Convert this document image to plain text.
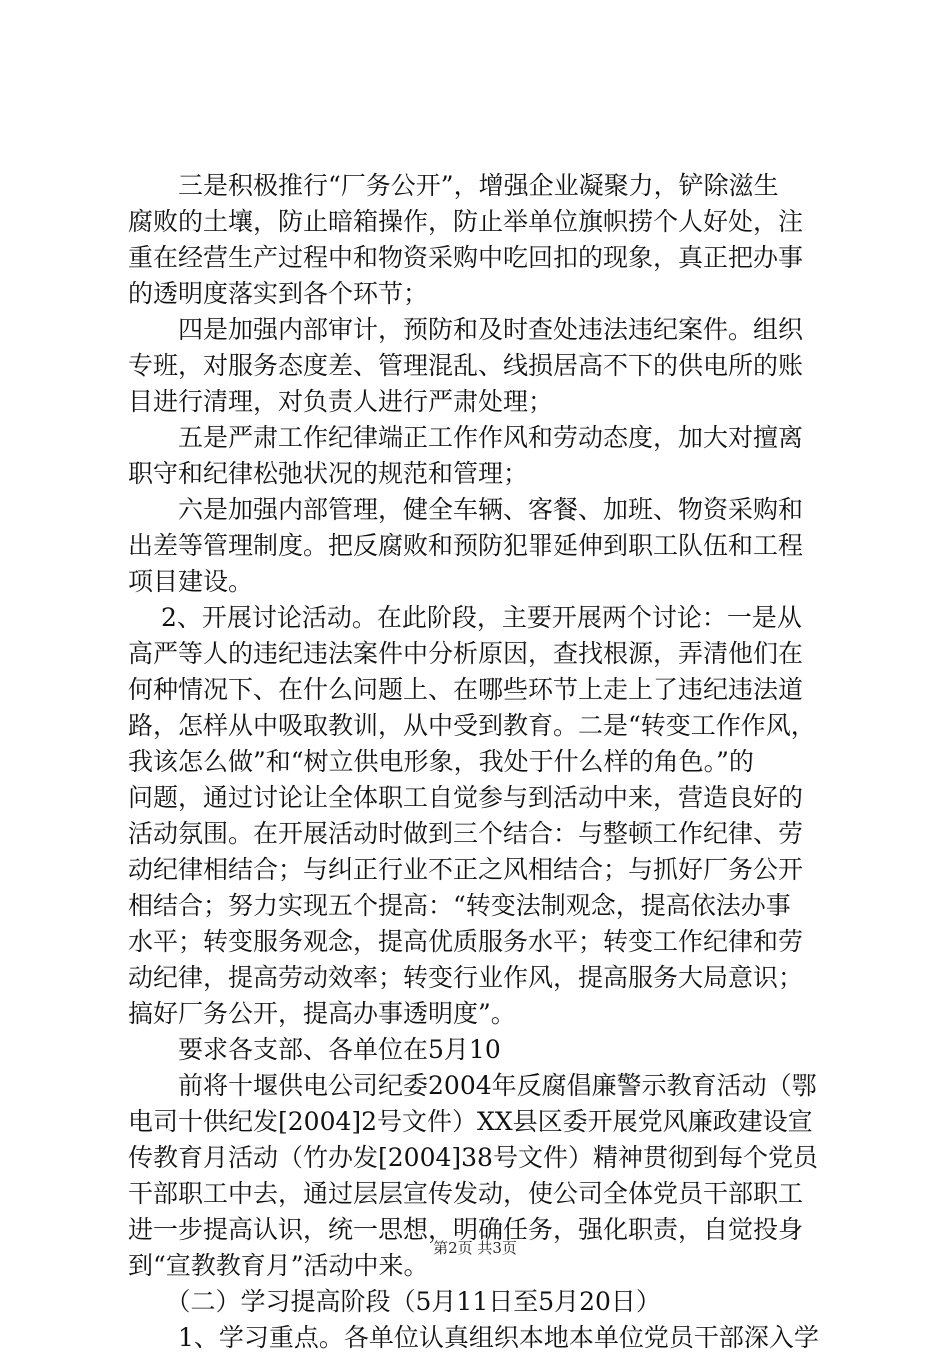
　　三是积极推行“厂务公开”，增强企业凝聚力，铲除滋生
腐败的土壤，防止暗箱操作，防止举单位旗帜捞个人好处，注
重在经营生产过程中和物资采购中吃回扣的现象，真正把办事
的透明度落实到各个环节；
　　四是加强内部审计，预防和及时查处违法违纪案件。组织
专班，对服务态度差、管理混乱、线损居高不下的供电所的账
目进行清理，对负责人进行严肃处理；
　　五是严肃工作纪律端正工作作风和劳动态度，加大对擅离
职守和纪律松弛状况的规范和管理；
　　六是加强内部管理，健全车辆、客餐、加班、物资采购和
出差等管理制度。把反腐败和预防犯罪延伸到职工队伍和工程
项目建设。
　 2、开展讨论活动。在此阶段，主要开展两个讨论：一是从
高严等人的违纪违法案件中分析原因，查找根源，弄清他们在
何种情况下、在什么问题上、在哪些环节上走上了违纪违法道
路，怎样从中吸取教训，从中受到教育。二是“转变工作作风，
我该怎么做”和“树立供电形象，我处于什么样的角色。”的
问题，通过讨论让全体职工自觉参与到活动中来，营造良好的
活动氛围。在开展活动时做到三个结合：与整顿工作纪律、劳
动纪律相结合；与纠正行业不正之风相结合；与抓好厂务公开
相结合；努力实现五个提高：“转变法制观念，提高依法办事
水平；转变服务观念，提高优质服务水平；转变工作纪律和劳
动纪律，提高劳动效率；转变行业作风，提高服务大局意识；
搞好厂务公开，提高办事透明度”。
　　要求各支部、各单位在5月10
　　前将十堰供电公司纪委2004年反腐倡廉警示教育活动（鄂
电司十供纪发[2004]2号文件）XX县区委开展党风廉政建设宣
传教育月活动（竹办发[2004]38号文件）精神贯彻到每个党员
干部职工中去，通过层层宣传发动，使公司全体党员干部职工
进一步提高认识，统一思想，明确任务，强化职责，自觉投身
到“宣教教育月”活动中来。
　　（二）学习提高阶段（5月11日至5月20日）
　　1、学习重点。各单位认真组织本地本单位党员干部深入学
第2页 共3页
